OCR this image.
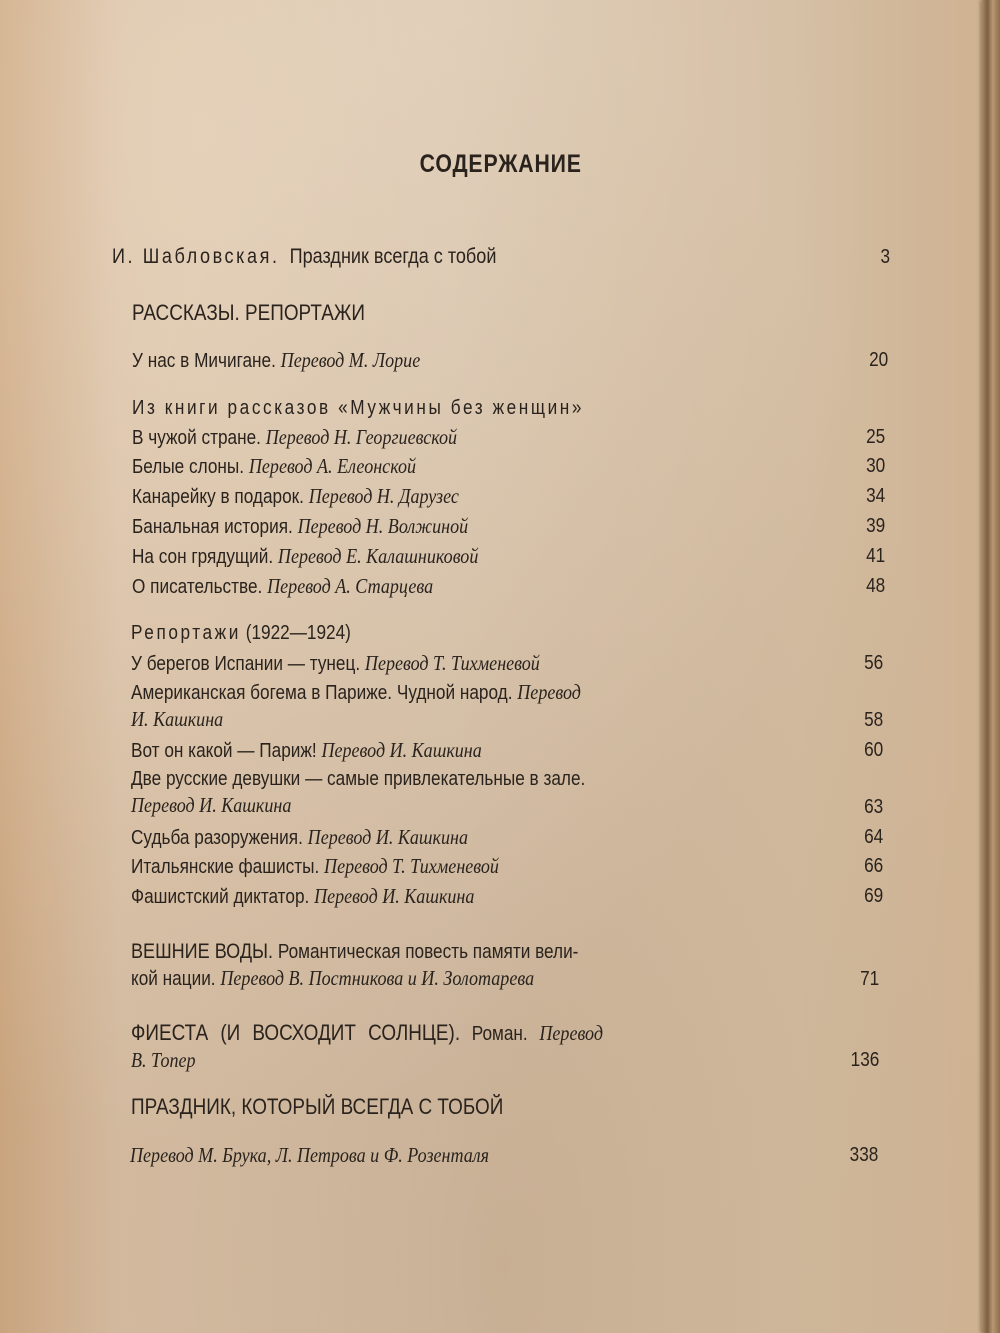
СОДЕРЖАНИЕ
И. Шабловская. Праздник всегда с тобой	3
РАССКАЗЫ. РЕПОРТАЖИ
У нас в Мичигане. Перевод М. Лорие	20
Из книги рассказов «Мужчины без женщин»
В чужой стране. Перевод Н. Георгиевской	25
Белые слоны. Перевод А. Елеонской	30
Канарейку в подарок. Перевод Н. Дарузес	34
Банальная история. Перевод Н. Волжиной	39
На сон грядущий. Перевод Е. Калашниковой	41
О писательстве. Перевод А. Старцева	48
Репортажи (1922—1924)
У берегов Испании — тунец. Перевод Т. Тихменевой	56
Американская богема в Париже. Чудной народ. Перевод
И. Кашкина	58
Вот он какой — Париж! Перевод И. Кашкина	60
Две русские девушки — самые привлекательные в зале.
Перевод И. Кашкина	63
Судьба разоружения. Перевод И. Кашкина	64
Итальянские фашисты. Перевод Т. Тихменевой	66
Фашистский диктатор. Перевод И. Кашкина	69
ВЕШНИЕ ВОДЫ. Романтическая повесть памяти вели-
кой нации. Перевод В. Постникова и И. Золотарева	71
ФИЕСТА (И ВОСХОДИТ СОЛНЦЕ). Роман. Перевод
В. Топер	136
ПРАЗДНИК, КОТОРЫЙ ВСЕГДА С ТОБОЙ
Перевод М. Брука, Л. Петрова и Ф. Розенталя	338
